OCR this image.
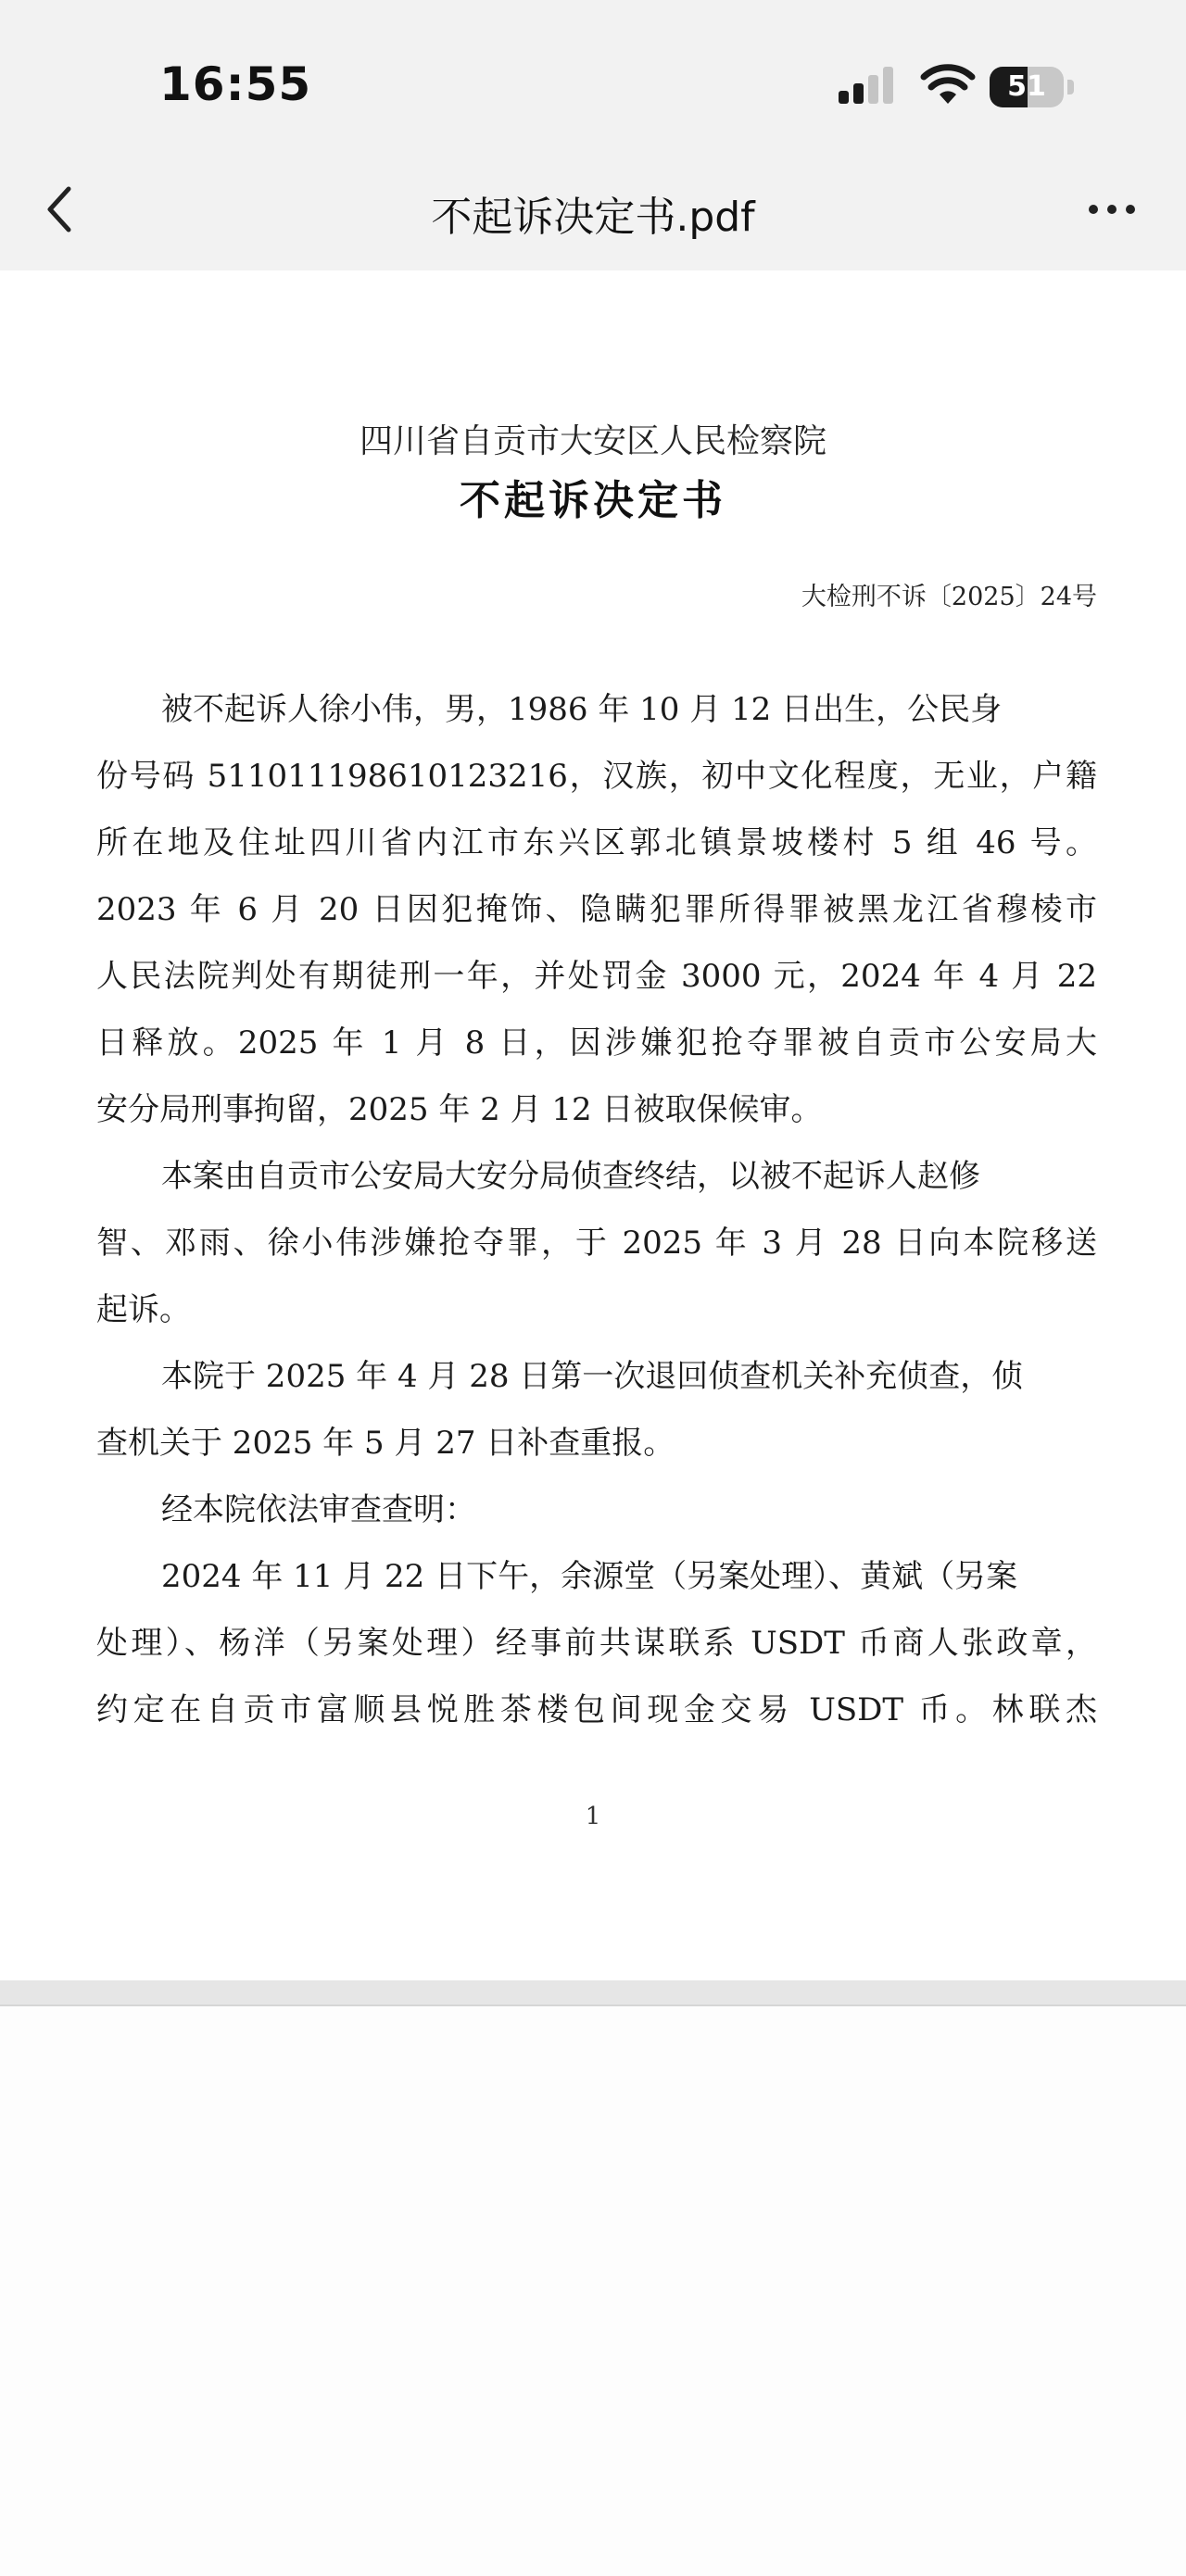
16:55	51
不起诉决定书.pdf
四川省自贡市大安区人民检察院
不起诉决定书
大检刑不诉〔2025〕24号
被不起诉人徐小伟，男，1986 年 10 月 12 日出生，公民身
份号码 511011198610123216，汉族，初中文化程度，无业，户籍
所在地及住址四川省内江市东兴区郭北镇景坡楼村 5 组 46 号。
2023 年 6 月 20 日因犯掩饰、隐瞒犯罪所得罪被黑龙江省穆棱市
人民法院判处有期徒刑一年，并处罚金 3000 元，2024 年 4 月 22
日释放。2025 年 1 月 8 日，因涉嫌犯抢夺罪被自贡市公安局大
安分局刑事拘留，2025 年 2 月 12 日被取保候审。
本案由自贡市公安局大安分局侦查终结，以被不起诉人赵修
智、邓雨、徐小伟涉嫌抢夺罪，于 2025 年 3 月 28 日向本院移送
起诉。
本院于 2025 年 4 月 28 日第一次退回侦查机关补充侦查，侦
查机关于 2025 年 5 月 27 日补查重报。
经本院依法审查查明：
2024 年 11 月 22 日下午，余源堂（另案处理）、黄斌（另案
处理）、杨洋（另案处理）经事前共谋联系 USDT 币商人张政章，
约定在自贡市富顺县悦胜茶楼包间现金交易 USDT 币。林联杰
1
